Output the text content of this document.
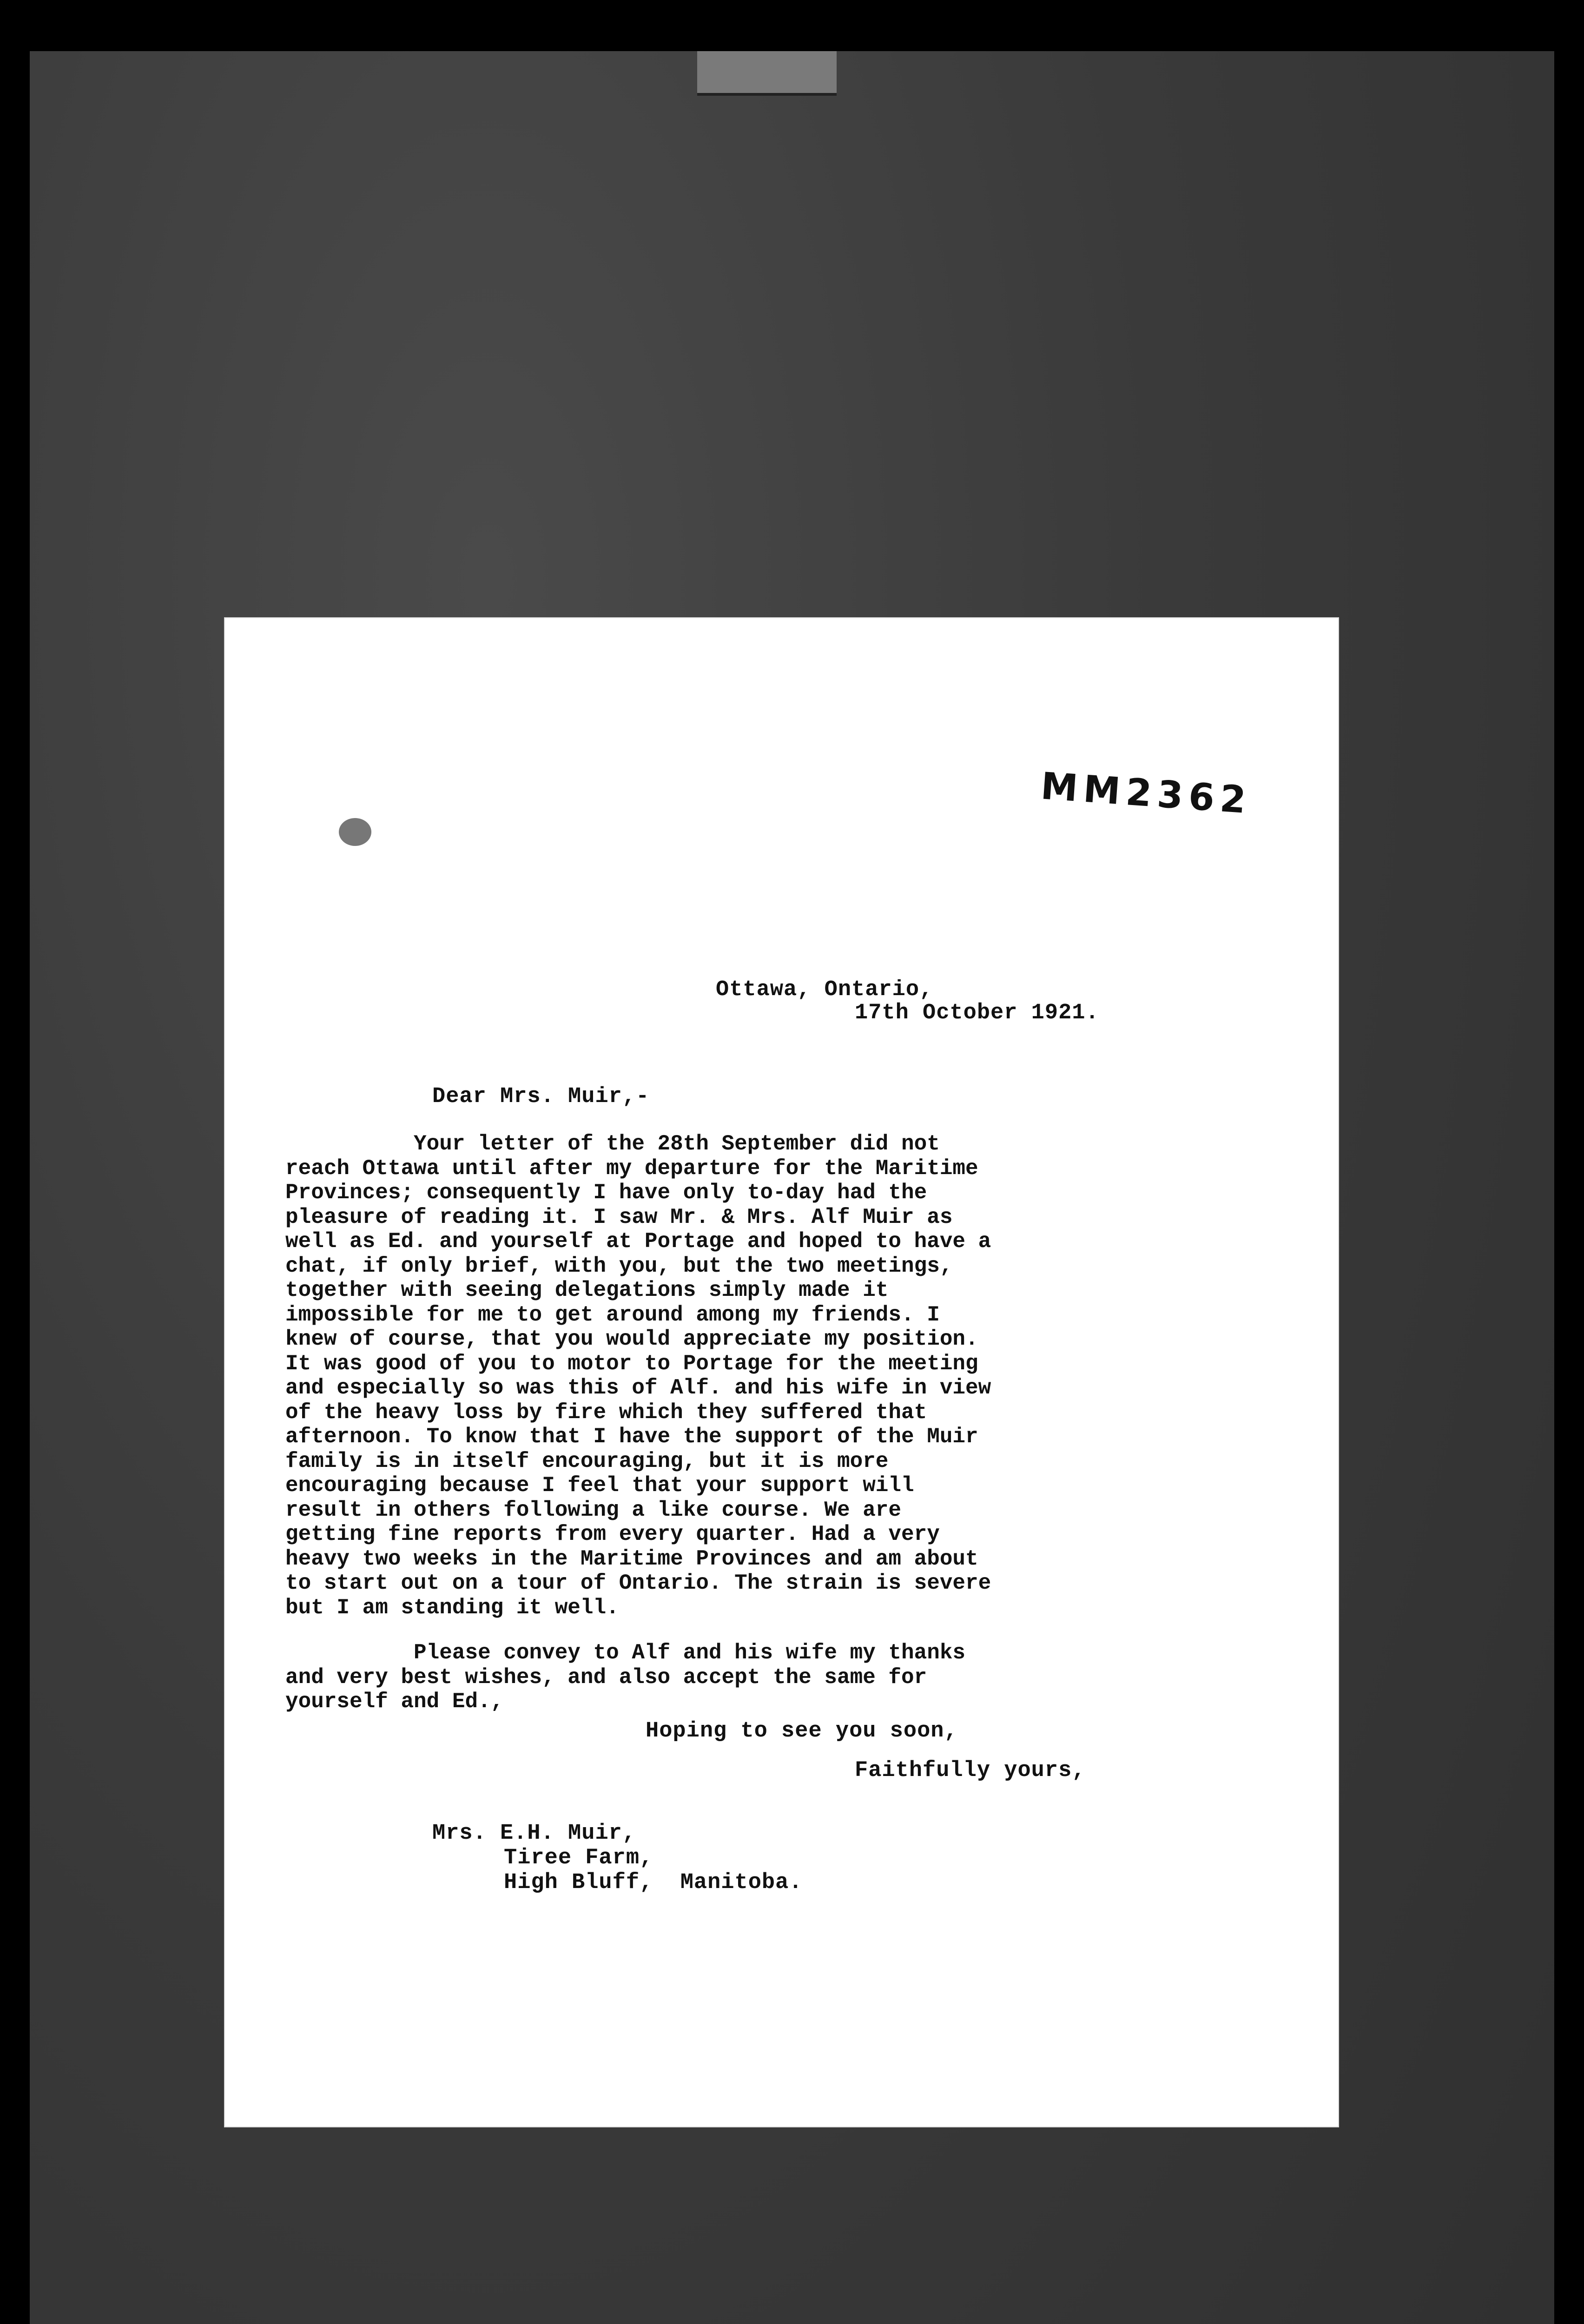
MM2362
Ottawa, Ontario,
17th October 1921.
Dear Mrs. Muir,-
Your letter of the 28th September did not
reach Ottawa until after my departure for the Maritime
Provinces; consequently I have only to-day had the
pleasure of reading it. I saw Mr. & Mrs. Alf Muir as
well as Ed. and yourself at Portage and hoped to have a
chat, if only brief, with you, but the two meetings,
together with seeing delegations simply made it
impossible for me to get around among my friends. I
knew of course, that you would appreciate my position.
It was good of you to motor to Portage for the meeting
and especially so was this of Alf. and his wife in view
of the heavy loss by fire which they suffered that
afternoon. To know that I have the support of the Muir
family is in itself encouraging, but it is more
encouraging because I feel that your support will
result in others following a like course. We are
getting fine reports from every quarter. Had a very
heavy two weeks in the Maritime Provinces and am about
to start out on a tour of Ontario. The strain is severe
but I am standing it well.
Please convey to Alf and his wife my thanks
and very best wishes, and also accept the same for
yourself and Ed.,
Hoping to see you soon,
Faithfully yours,
Mrs. E.H. Muir,
Tiree Farm,
High Bluff, Manitoba.
